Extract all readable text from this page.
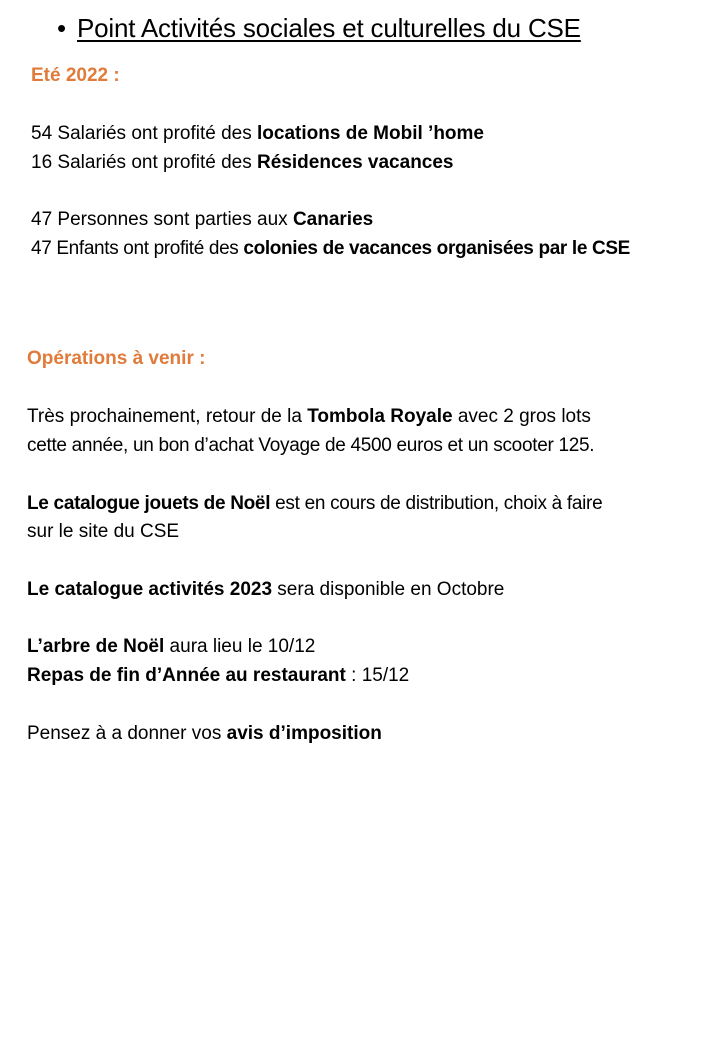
• Point Activités sociales et culturelles du CSE
Eté 2022 :
54 Salariés ont profité des locations de Mobil ’home
16 Salariés ont profité des Résidences vacances
47 Personnes sont parties aux Canaries
47 Enfants ont profité des colonies de vacances organisées par le CSE
Opérations à venir :
Très prochainement, retour de la Tombola Royale avec 2 gros lots
cette année, un bon d’achat Voyage de 4500 euros et un scooter 125.
Le catalogue jouets de Noël est en cours de distribution, choix à faire
sur le site du CSE
Le catalogue activités 2023 sera disponible en Octobre
L’arbre de Noël aura lieu le 10/12
Repas de fin d’Année au restaurant : 15/12
Pensez à a donner vos avis d’imposition
